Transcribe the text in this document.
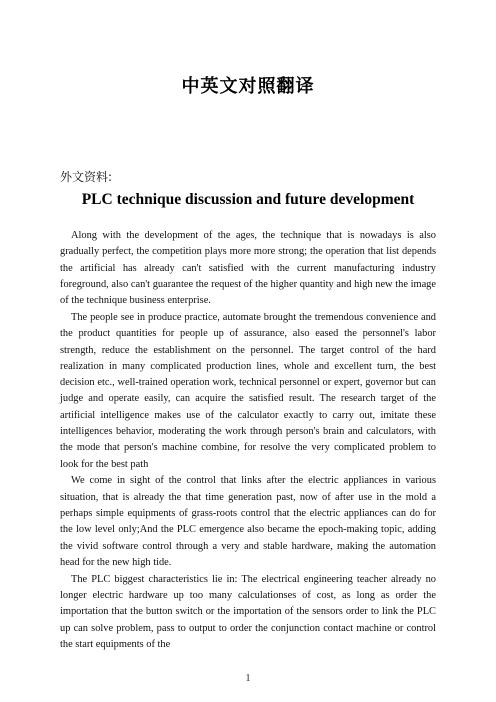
中英文对照翻译
外文资料:
PLC technique discussion and future development

Along with the development of the ages, the technique that is nowadays is also gradually perfect, the competition plays more more strong; the operation that list depends the artificial has already can't satisfied with the current manufacturing industry foreground, also can't guarantee the request of the higher quantity and high new the image of the technique business enterprise.

The people see in produce practice, automate brought the tremendous convenience and the product quantities for people up of assurance, also eased the personnel's labor strength, reduce the establishment on the personnel. The target control of the hard realization in many complicated production lines, whole and excellent turn, the best decision etc., well-trained operation work, technical personnel or expert, governor but can judge and operate easily, can acquire the satisfied result. The research target of the artificial intelligence makes use of the calculator exactly to carry out, imitate these intelligences behavior, moderating the work through person's brain and calculators, with the mode that person's machine combine, for resolve the very complicated problem to look for the best path

We come in sight of the control that links after the electric appliances in various situation, that is already the that time generation past, now of after use in the mold a perhaps simple equipments of grass-roots control that the electric appliances can do for the low level only;And the PLC emergence also became the epoch-making topic, adding the vivid software control through a very and stable hardware, making the automation head for the new high tide.

The PLC biggest characteristics lie in: The electrical engineering teacher already no longer electric hardware up too many calculationses of cost, as long as order the importation that the button switch or the importation of the sensors order to link the PLC up can solve problem, pass to output to order the conjunction contact machine or control the start equipments of the

1
